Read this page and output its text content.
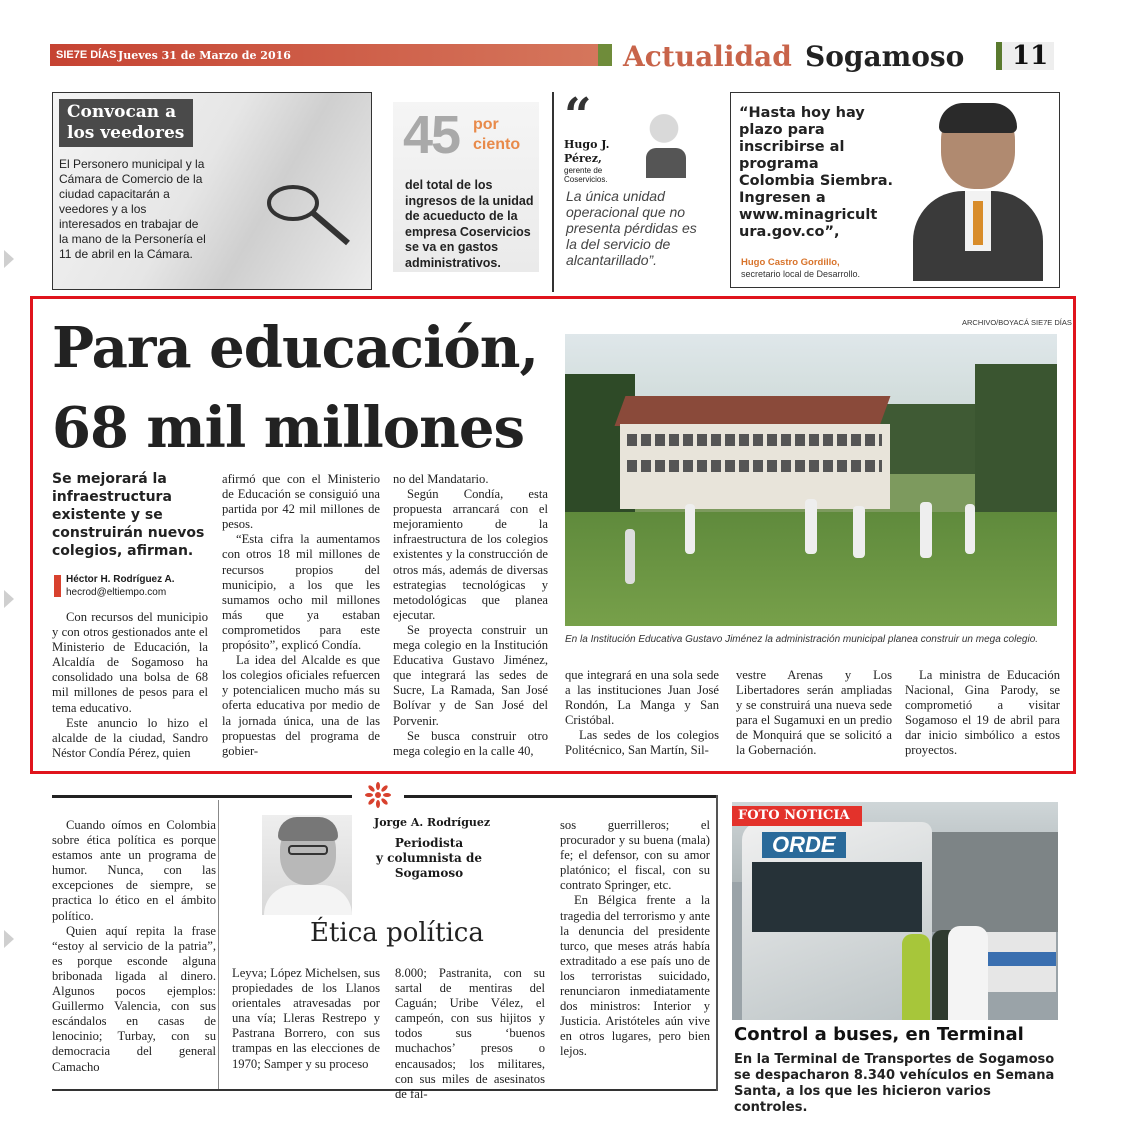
SIE7E DÍAS Jueves 31 de Marzo de 2016	Actualidad Sogamoso 11
Convocan a
los veedores
El Personero municipal y la Cámara de Comercio de la ciudad capacitarán a veedores y a los interesados en trabajar de la mano de la Personería el 11 de abril en la Cámara.
45 por
ciento
del total de los ingresos de la unidad de acueducto de la empresa Coservicios se va en gastos administrativos.
“
Hugo J.
Pérez,
gerente de
Coservicios.
La única unidad operacional que no presenta pérdidas es la del servicio de alcantarillado”.
“Hasta hoy hay plazo para inscribirse al programa Colombia Siembra. Ingresen a www.minagricult ura.gov.co”,
Hugo Castro Gordillo,
secretario local de Desarrollo.
Para educación,
68 mil millones
Se mejorará la infraestructura existente y se construirán nuevos colegios, afirman.
Héctor H. Rodríguez A.
hecrod@eltiempo.com

Con recursos del municipio y con otros gestionados ante el Ministerio de Educación, la Alcaldía de Sogamoso ha consolidado una bolsa de 68 mil millones de pesos para el tema educativo.

Este anuncio lo hizo el alcalde de la ciudad, Sandro Néstor Condía Pérez, quien

afirmó que con el Ministerio de Educación se consiguió una partida por 42 mil millones de pesos.

“Esta cifra la aumentamos con otros 18 mil millones de recursos propios del municipio, a los que les sumamos ocho mil millones más que ya estaban comprometidos para este propósito”, explicó Condía.

La idea del Alcalde es que los colegios oficiales refuercen y potencialicen mucho más su oferta educativa por medio de la jornada única, una de las propuestas del programa de gobier-

no del Mandatario.

Según Condía, esta propuesta arrancará con el mejoramiento de la infraestructura de los colegios existentes y la construcción de otros más, además de diversas estrategias tecnológicas y metodológicas que planea ejecutar.

Se proyecta construir un mega colegio en la Institución Educativa Gustavo Jiménez, que integrará las sedes de Sucre, La Ramada, San José Bolívar y de San José del Porvenir.

Se busca construir otro mega colegio en la calle 40,

ARCHIVO/BOYACÁ SIE7E DÍAS
En la Institución Educativa Gustavo Jiménez la administración municipal planea construir un mega colegio.

que integrará en una sola sede a las instituciones Juan José Rondón, La Manga y San Cristóbal.

Las sedes de los colegios Politécnico, San Martín, Sil-

vestre Arenas y Los Libertadores serán ampliadas y se construirá una nueva sede para el Sugamuxi en un predio de Monquirá que se solicitó a la Gobernación.

La ministra de Educación Nacional, Gina Parody, se comprometió a visitar Sogamoso el 19 de abril para dar inicio simbólico a estos proyectos.

Jorge A. Rodríguez
Periodista
y columnista de
Sogamoso
Ética política

Cuando oímos en Colombia sobre ética política es porque estamos ante un programa de humor. Nunca, con las excepciones de siempre, se practica lo ético en el ámbito político.

Quien aquí repita la frase “estoy al servicio de la patria”, es porque esconde alguna bribonada ligada al dinero. Algunos pocos ejemplos: Guillermo Valencia, con sus escándalos en casas de lenocinio; Turbay, con su democracia del general Camacho

Leyva; López Michelsen, sus propiedades de los Llanos orientales atravesadas por una vía; Lleras Restrepo y Pastrana Borrero, con sus trampas en las elecciones de 1970; Samper y su proceso

8.000; Pastranita, con su sartal de mentiras del Caguán; Uribe Vélez, el campeón, con sus hijitos y todos sus ‘buenos muchachos’ presos o encausados; los militares, con sus miles de asesinatos de fal-

sos guerrilleros; el procurador y su buena (mala) fe; el defensor, con su amor platónico; el fiscal, con su contrato Springer, etc.

En Bélgica frente a la tragedia del terrorismo y ante la denuncia del presidente turco, que meses atrás había extraditado a ese país uno de los terroristas suicidado, renunciaron inmediatamente dos ministros: Interior y Justicia. Aristóteles aún vive en otros lugares, pero bien lejos.

ORDE
FOTO NOTICIA
Control a buses, en Terminal
En la Terminal de Transportes de Sogamoso se despacharon 8.340 vehículos en Semana Santa, a los que les hicieron varios controles.
